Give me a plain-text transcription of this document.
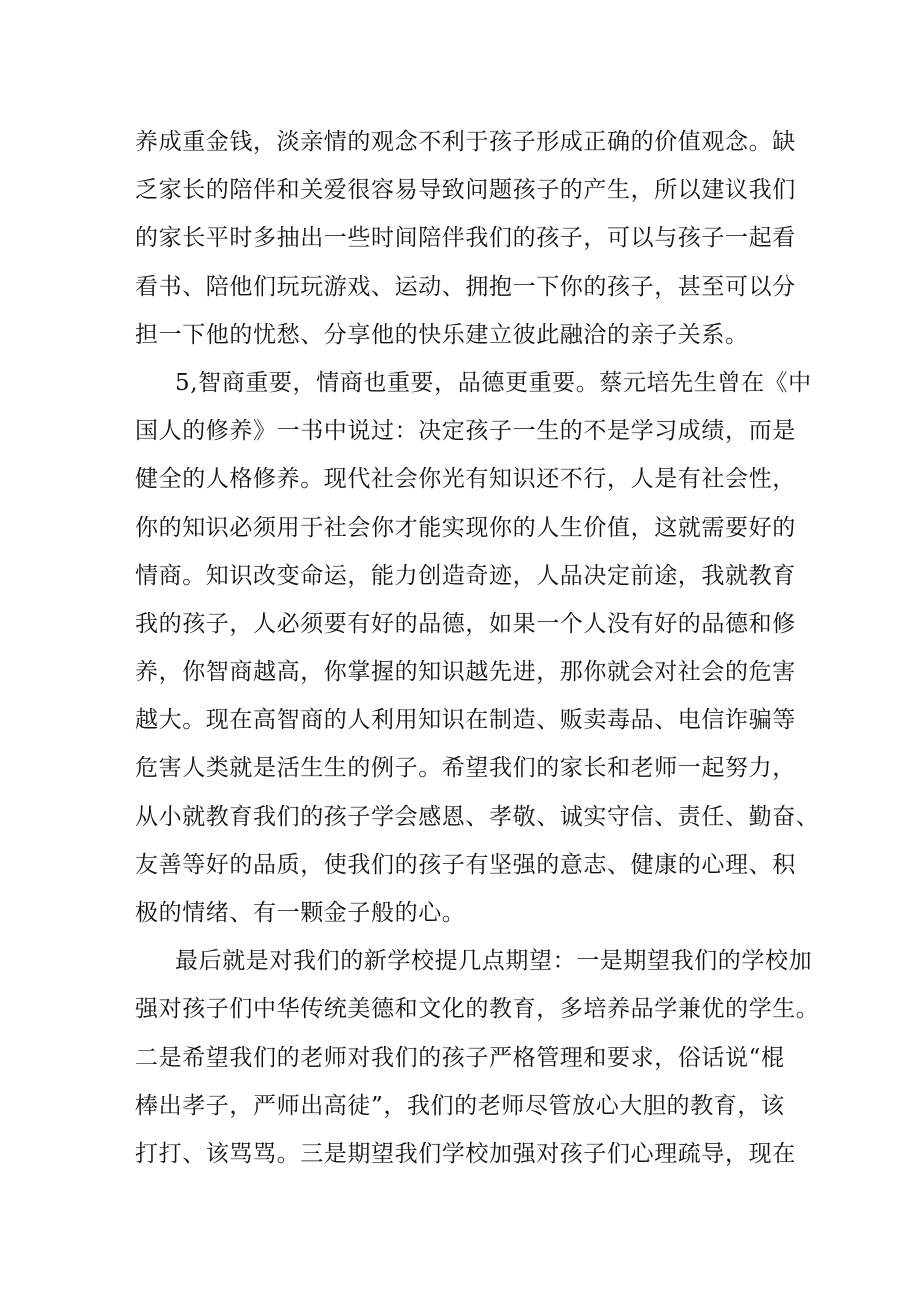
养成重金钱，淡亲情的观念不利于孩子形成正确的价值观念。缺
乏家长的陪伴和关爱很容易导致问题孩子的产生，所以建议我们
的家长平时多抽出一些时间陪伴我们的孩子，可以与孩子一起看
看书、陪他们玩玩游戏、运动、拥抱一下你的孩子，甚至可以分
担一下他的忧愁、分享他的快乐建立彼此融洽的亲子关系。
5,智商重要，情商也重要，品德更重要。蔡元培先生曾在《中
国人的修养》一书中说过：决定孩子一生的不是学习成绩，而是
健全的人格修养。现代社会你光有知识还不行，人是有社会性，
你的知识必须用于社会你才能实现你的人生价值，这就需要好的
情商。知识改变命运，能力创造奇迹，人品决定前途，我就教育
我的孩子，人必须要有好的品德，如果一个人没有好的品德和修
养，你智商越高，你掌握的知识越先进，那你就会对社会的危害
越大。现在高智商的人利用知识在制造、贩卖毒品、电信诈骗等
危害人类就是活生生的例子。希望我们的家长和老师一起努力，
从小就教育我们的孩子学会感恩、孝敬、诚实守信、责任、勤奋、
友善等好的品质，使我们的孩子有坚强的意志、健康的心理、积
极的情绪、有一颗金子般的心。
最后就是对我们的新学校提几点期望：一是期望我们的学校加
强对孩子们中华传统美德和文化的教育，多培养品学兼优的学生。
二是希望我们的老师对我们的孩子严格管理和要求，俗话说“棍
棒出孝子，严师出高徒”，我们的老师尽管放心大胆的教育，该
打打、该骂骂。三是期望我们学校加强对孩子们心理疏导，现在
